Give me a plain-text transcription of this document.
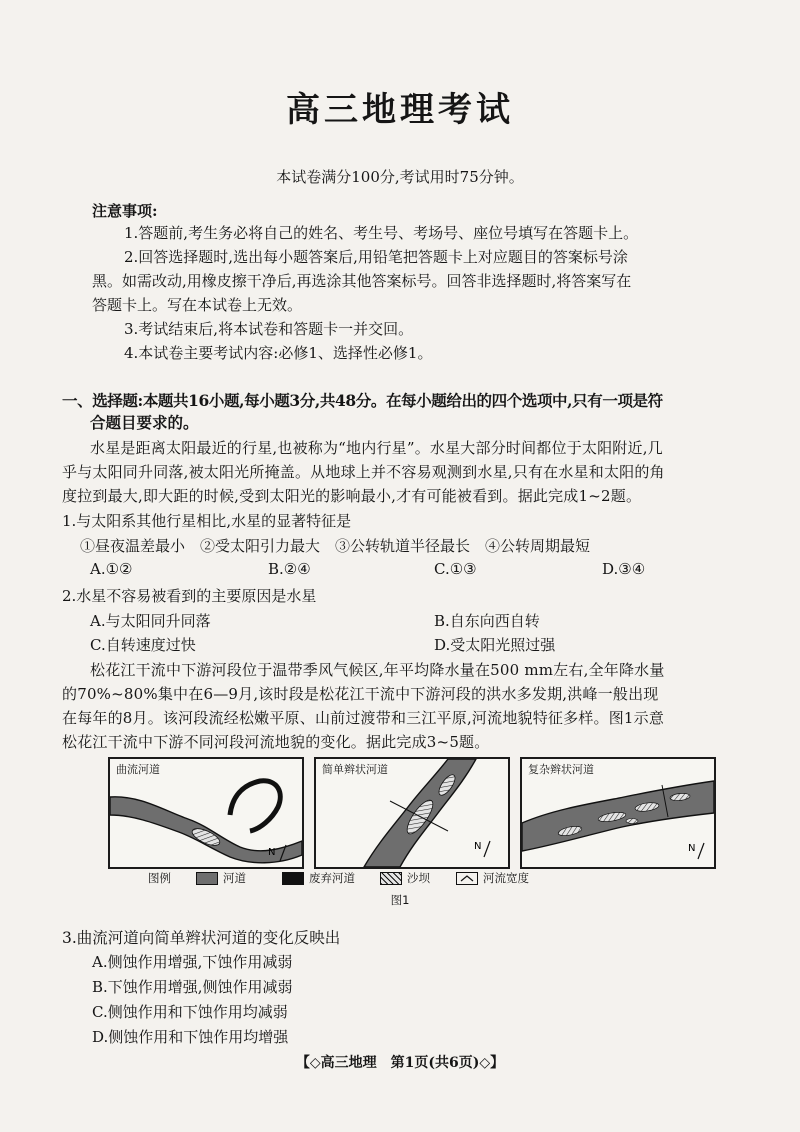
高三地理考试
本试卷满分100分,考试用时75分钟。
注意事项:
1.答题前,考生务必将自己的姓名、考生号、考场号、座位号填写在答题卡上。
2.回答选择题时,选出每小题答案后,用铅笔把答题卡上对应题目的答案标号涂
黑。如需改动,用橡皮擦干净后,再选涂其他答案标号。回答非选择题时,将答案写在
答题卡上。写在本试卷上无效。
3.考试结束后,将本试卷和答题卡一并交回。
4.本试卷主要考试内容:必修1、选择性必修1。
一、选择题:本题共16小题,每小题3分,共48分。在每小题给出的四个选项中,只有一项是符
合题目要求的。
水星是距离太阳最近的行星,也被称为“地内行星”。水星大部分时间都位于太阳附近,几
乎与太阳同升同落,被太阳光所掩盖。从地球上并不容易观测到水星,只有在水星和太阳的角
度拉到最大,即大距的时候,受到太阳光的影响最小,才有可能被看到。据此完成1~2题。
1.与太阳系其他行星相比,水星的显著特征是
①昼夜温差最小　②受太阳引力最大　③公转轨道半径最长　④公转周期最短
A.①②	B.②④	C.①③	D.③④
2.水星不容易被看到的主要原因是水星
A.与太阳同升同落	B.自东向西自转
C.自转速度过快	D.受太阳光照过强
松花江干流中下游河段位于温带季风气候区,年平均降水量在500 mm左右,全年降水量
的70%~80%集中在6—9月,该时段是松花江干流中下游河段的洪水多发期,洪峰一般出现
在每年的8月。该河段流经松嫩平原、山前过渡带和三江平原,河流地貌特征多样。图1示意
松花江干流中下游不同河段河流地貌的变化。据此完成3~5题。
N
曲流河道
N
简单辫状河道
N
复杂辫状河道
图例	河道	废弃河道	沙坝	河流宽度
图1
3.曲流河道向简单辫状河道的变化反映出
A.侧蚀作用增强,下蚀作用减弱
B.下蚀作用增强,侧蚀作用减弱
C.侧蚀作用和下蚀作用均减弱
D.侧蚀作用和下蚀作用均增强
【◇高三地理　第1页(共6页)◇】
